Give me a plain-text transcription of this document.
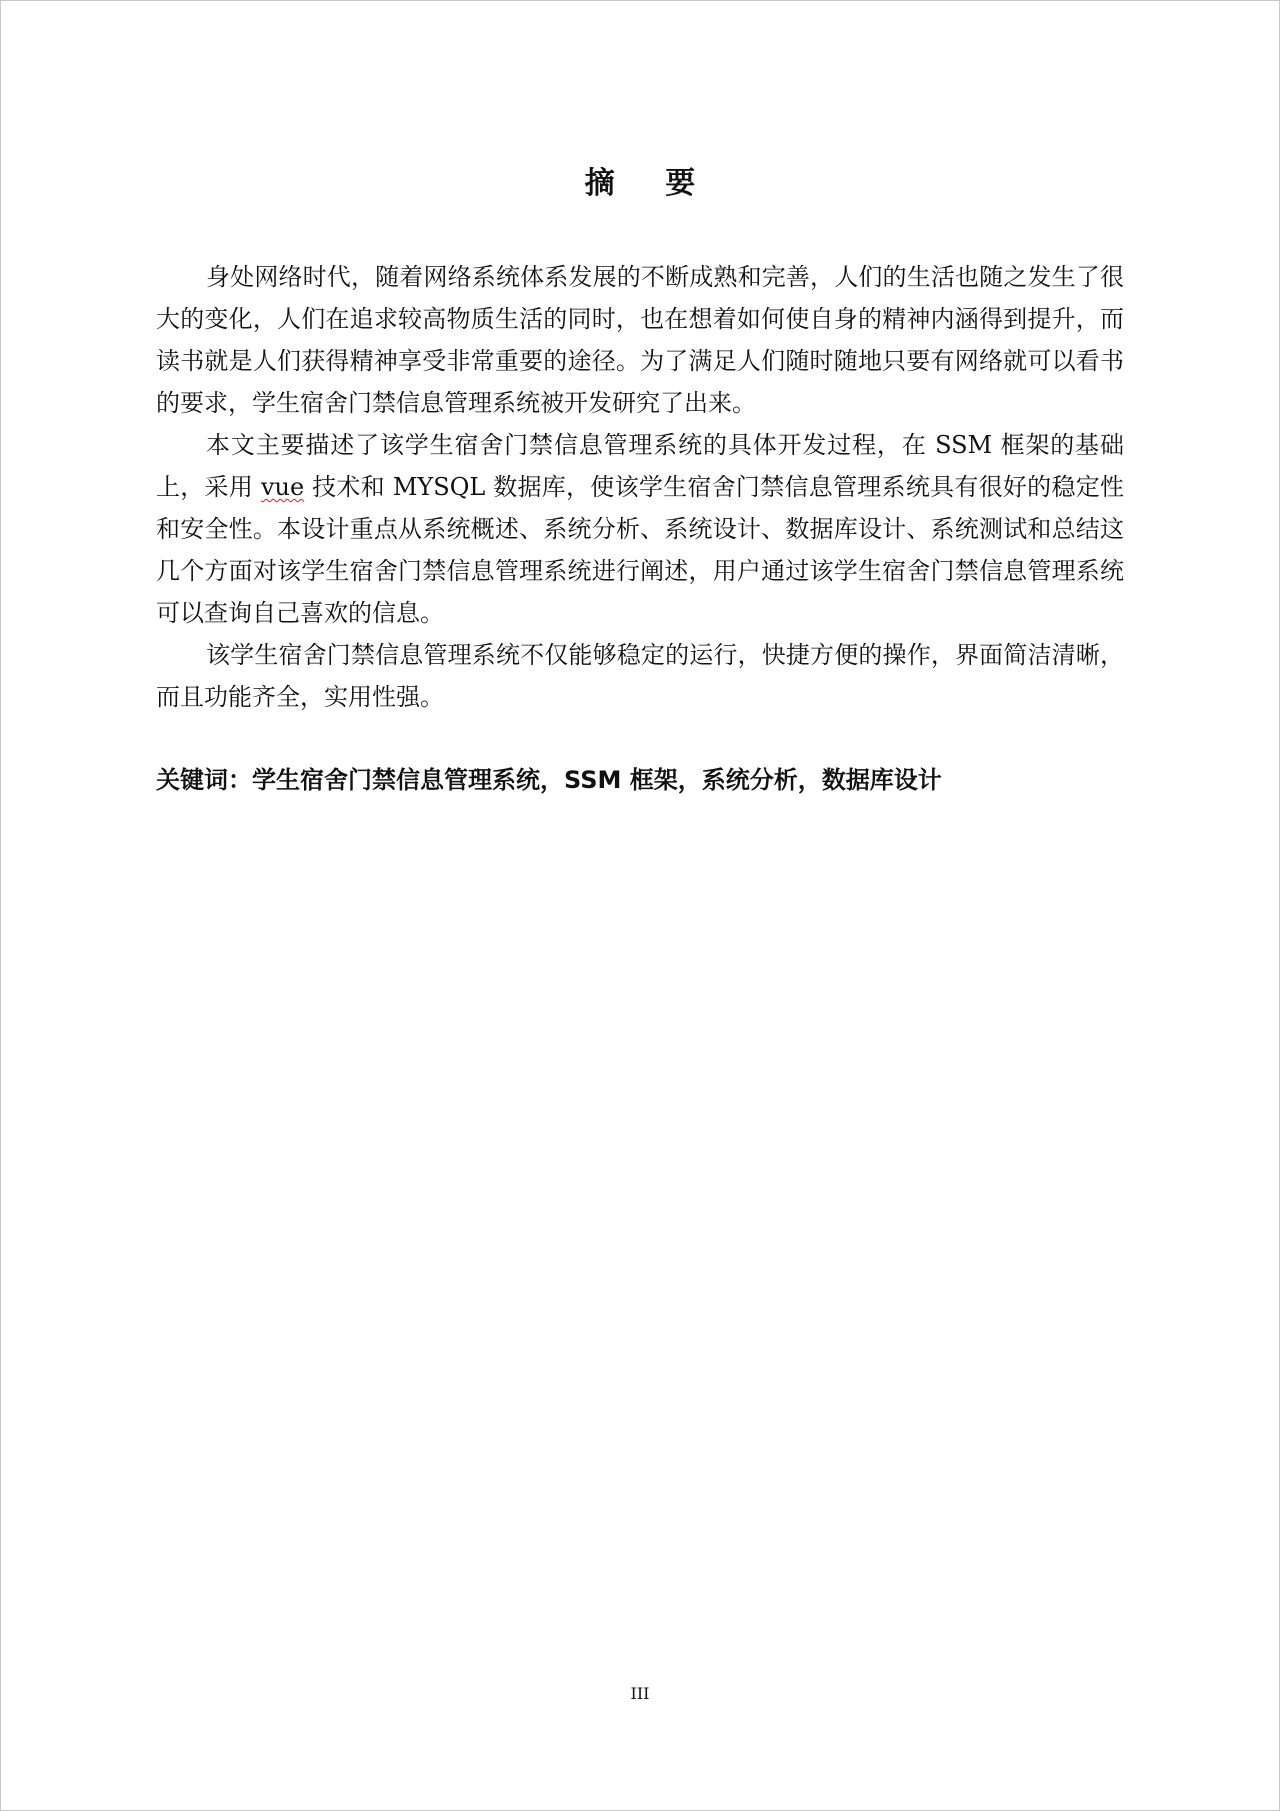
摘 要

身处网络时代，随着网络系统体系发展的不断成熟和完善，人们的生活也随之发生了很大的变化，人们在追求较高物质生活的同时，也在想着如何使自身的精神内涵得到提升，而读书就是人们获得精神享受非常重要的途径。为了满足人们随时随地只要有网络就可以看书的要求，学生宿舍门禁信息管理系统被开发研究了出来。

本文主要描述了该学生宿舍门禁信息管理系统的具体开发过程，在 SSM 框架的基础上，采用 vue 技术和 MYSQL 数据库，使该学生宿舍门禁信息管理系统具有很好的稳定性和安全性。本设计重点从系统概述、系统分析、系统设计、数据库设计、系统测试和总结这几个方面对该学生宿舍门禁信息管理系统进行阐述，用户通过该学生宿舍门禁信息管理系统可以查询自己喜欢的信息。

该学生宿舍门禁信息管理系统不仅能够稳定的运行，快捷方便的操作，界面简洁清晰，而且功能齐全，实用性强。

关键词：学生宿舍门禁信息管理系统，SSM 框架，系统分析，数据库设计
III
